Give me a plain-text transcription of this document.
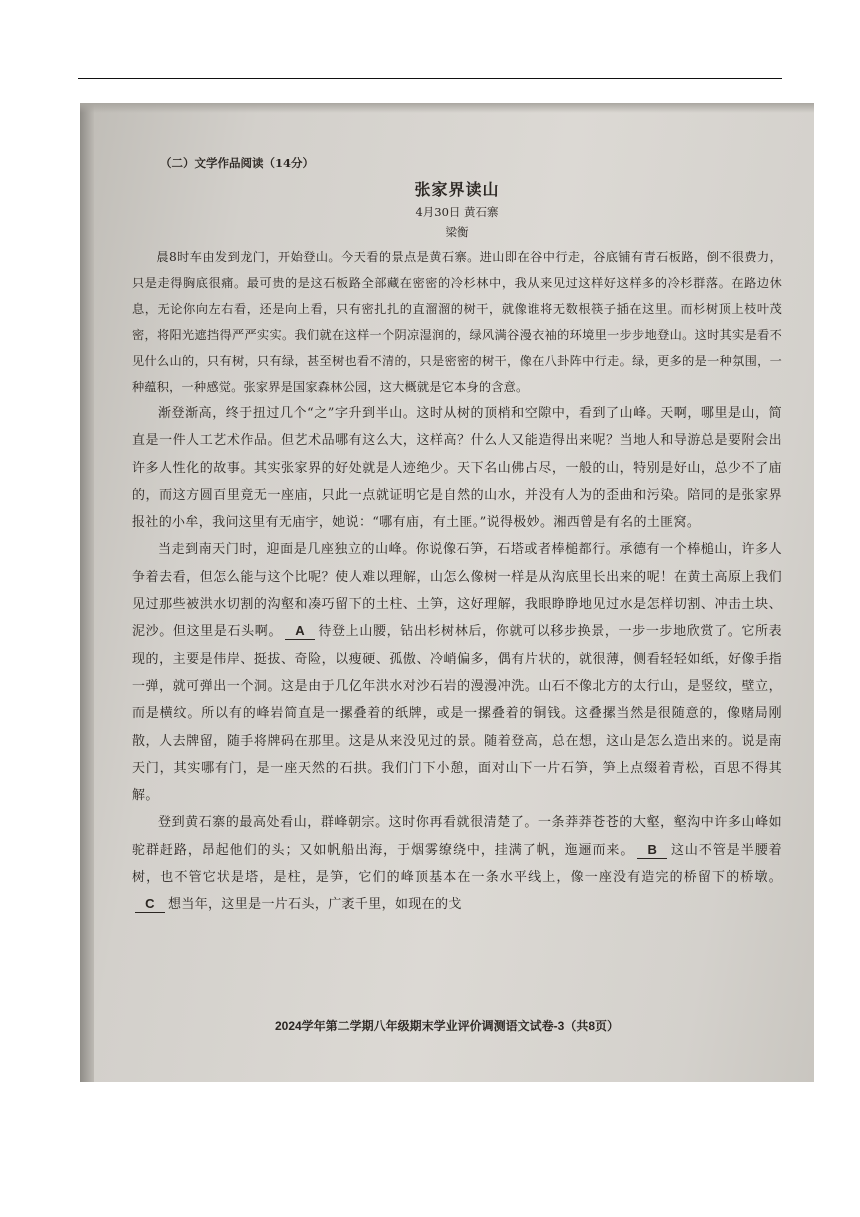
（二）文学作品阅读（14分）
张家界读山
4月30日 黄石寨
梁衡

晨8时车由发到龙门，开始登山。今天看的景点是黄石寨。进山即在谷中行走，谷底铺有青石板路，倒不很费力，只是走得胸底很痛。最可贵的是这石板路全部藏在密密的冷杉林中，我从来见过这样好这样多的冷杉群落。在路边休息，无论你向左右看，还是向上看，只有密扎扎的直溜溜的树干，就像谁将无数根筷子插在这里。而杉树顶上枝叶茂密，将阳光遮挡得严严实实。我们就在这样一个阴凉湿润的，绿风满谷漫衣袖的环境里一步步地登山。这时其实是看不见什么山的，只有树，只有绿，甚至树也看不清的，只是密密的树干，像在八卦阵中行走。绿，更多的是一种氛围，一种蕴积，一种感觉。张家界是国家森林公园，这大概就是它本身的含意。

渐登渐高，终于扭过几个“之”字升到半山。这时从树的顶梢和空隙中，看到了山峰。天啊，哪里是山，简直是一件人工艺术作品。但艺术品哪有这么大，这样高？什么人又能造得出来呢？当地人和导游总是要附会出许多人性化的故事。其实张家界的好处就是人迹绝少。天下名山佛占尽，一般的山，特别是好山，总少不了庙的，而这方圆百里竟无一座庙，只此一点就证明它是自然的山水，并没有人为的歪曲和污染。陪同的是张家界报社的小牟，我问这里有无庙宇，她说：“哪有庙，有土匪。”说得极妙。湘西曾是有名的土匪窝。

当走到南天门时，迎面是几座独立的山峰。你说像石笋，石塔或者棒槌都行。承德有一个棒槌山，许多人争着去看，但怎么能与这个比呢？使人难以理解，山怎么像树一样是从沟底里长出来的呢！在黄土高原上我们见过那些被洪水切割的沟壑和凑巧留下的土柱、土笋，这好理解，我眼睁睁地见过水是怎样切割、冲击土块、泥沙。但这里是石头啊。 A 待登上山腰，钻出杉树林后，你就可以移步换景，一步一步地欣赏了。它所表现的，主要是伟岸、挺拔、奇险，以瘦硬、孤傲、冷峭偏多，偶有片状的，就很薄，侧看轻轻如纸，好像手指一弹，就可弹出一个洞。这是由于几亿年洪水对沙石岩的漫漫冲洗。山石不像北方的太行山，是竖纹，壁立，而是横纹。所以有的峰岩简直是一摞叠着的纸牌，或是一摞叠着的铜钱。这叠摞当然是很随意的，像赌局刚散，人去牌留，随手将牌码在那里。这是从来没见过的景。随着登高，总在想，这山是怎么造出来的。说是南天门，其实哪有门，是一座天然的石拱。我们门下小憩，面对山下一片石笋，笋上点缀着青松，百思不得其解。

登到黄石寨的最高处看山，群峰朝宗。这时你再看就很清楚了。一条莽莽苍苍的大壑，壑沟中许多山峰如驼群赶路，昂起他们的头；又如帆船出海，于烟雾缭绕中，挂满了帆，迤逦而来。 B 这山不管是半腰着树，也不管它状是塔，是柱，是笋，它们的峰顶基本在一条水平线上，像一座没有造完的桥留下的桥墩。C 想当年，这里是一片石头，广袤千里，如现在的戈

2024学年第二学期八年级期末学业评价调测语文试卷-3（共8页）
